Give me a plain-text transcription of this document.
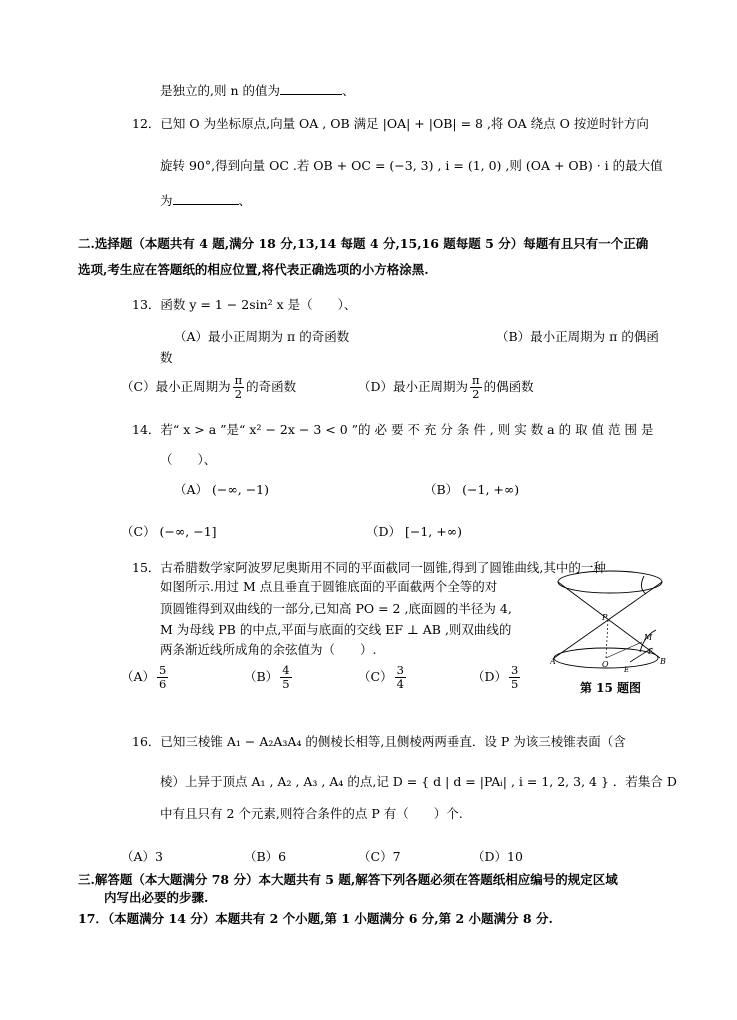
是独立的,则 n 的值为	、
12．已知 O 为坐标原点,向量 OA , OB 满足 |OA| + |OB| = 8 ,将 OA 绕点 O 按逆时针方向
旋转 90°,得到向量 OC .若 OB + OC = (−3, 3) , i = (1, 0) ,则 (OA + OB) · i 的最大值
为	、
二.选择题（本题共有 4 题,满分 18 分,13,14 每题 4 分,15,16 题每题 5 分）每题有且只有一个正确
选项,考生应在答题纸的相应位置,将代表正确选项的小方格涂黑.
13．函数 y = 1 − 2sin² x 是（　　）、
（A）最小正周期为 π 的奇函数	（B）最小正周期为 π 的偶函
数
（C）最小正周期为 $\frac{\pi}{2}$ 的奇函数	（D）最小正周期为 $\frac{\pi}{2}$ 的偶函数
14．若“ x > a ”是“ x² − 2x − 3 < 0 ”的 必 要 不 充 分 条 件 , 则 实 数 a 的 取 值 范 围 是
（　　）、
（A） (−∞, −1)	（B） (−1, +∞)
（C） (−∞, −1]	（D） [−1, +∞)
15．古希腊数学家阿波罗尼奥斯用不同的平面截同一圆锥,得到了圆锥曲线,其中的一种
如图所示.用过 M 点且垂直于圆锥底面的平面截两个全等的对
顶圆锥得到双曲线的一部分,已知高 PO = 2 ,底面圆的半径为 4,
M 为母线 PB 的中点,平面与底面的交线 EF ⊥ AB ,则双曲线的
两条渐近线所成角的余弦值为（　　）.
$(A) \frac{5}{6}$	$(B) \frac{4}{5}$	$(C) \frac{3}{4}$	$(D) \frac{3}{5}$
P
M
A	B
O
E
F
第 15 题图
16．已知三棱锥 A₁ − A₂A₃A₄ 的侧棱长相等,且侧棱两两垂直．设 P 为该三棱锥表面（含
棱）上异于顶点 A₁ , A₂ , A₃ , A₄ 的点,记 D = { d | d = |PAᵢ| , i = 1, 2, 3, 4 } ．若集合 D
中有且只有 2 个元素,则符合条件的点 P 有（　　）个.
（A）3	（B）6	（C）7	（D）10
三.解答题（本大题满分 78 分）本大题共有 5 题,解答下列各题必须在答题纸相应编号的规定区域
内写出必要的步骤.
17．（本题满分 14 分）本题共有 2 个小题,第 1 小题满分 6 分,第 2 小题满分 8 分.
